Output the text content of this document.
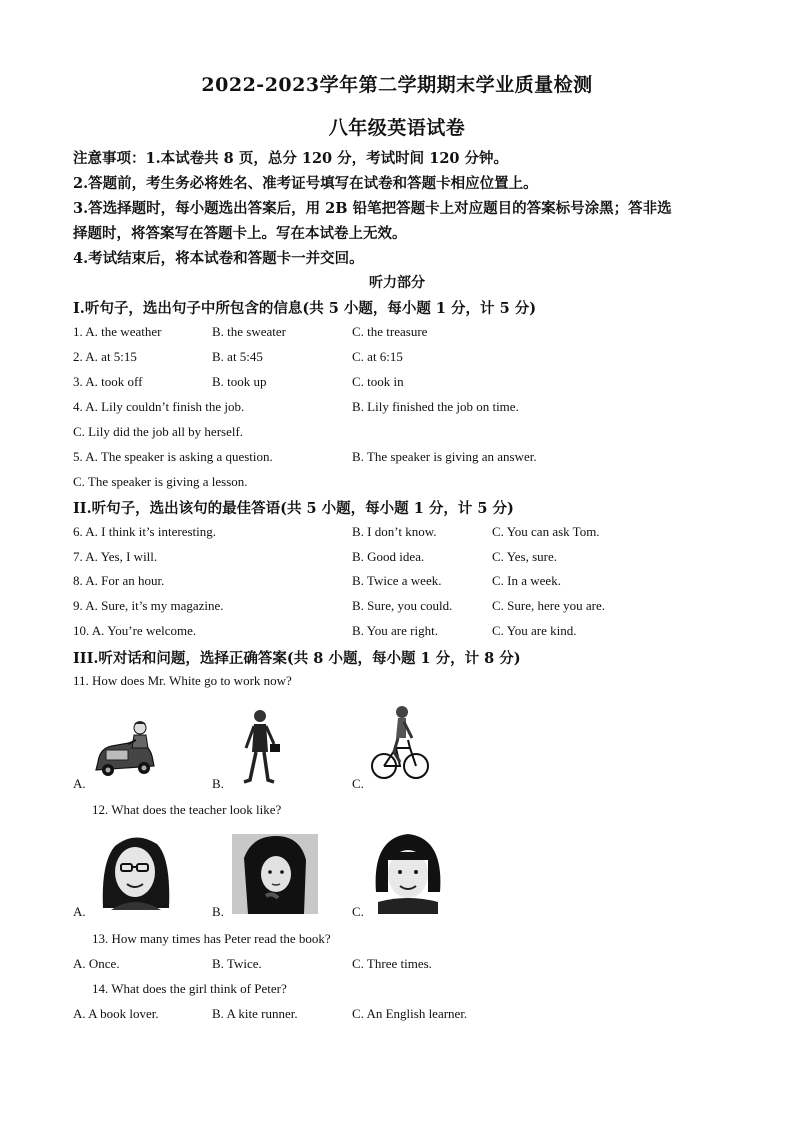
2022-2023学年第二学期期末学业质量检测
八年级英语试卷
注意事项：1.本试卷共 8 页，总分 120 分，考试时间 120 分钟。
2.答题前，考生务必将姓名、准考证号填写在试卷和答题卡相应位置上。
3.答选择题时，每小题选出答案后，用 2B 铅笔把答题卡上对应题目的答案标号涂黑；答非选
择题时，将答案写在答题卡上。写在本试卷上无效。
4.考试结束后，将本试卷和答题卡一并交回。
听力部分
I.听句子，选出句子中所包含的信息(共 5 小题，每小题 1 分，计 5 分)
1. A. the weather	B. the sweater	C. the treasure
2. A. at 5:15	B. at 5:45	C. at 6:15
3. A. took off	B. took up	C. took in
4. A. Lily couldn’t finish the job.	B. Lily finished the job on time.
C. Lily did the job all by herself.
5. A. The speaker is asking a question.	B. The speaker is giving an answer.
C. The speaker is giving a lesson.
II.听句子，选出该句的最佳答语(共 5 小题，每小题 1 分，计 5 分)
6. A. I think it’s interesting.	B. I don’t know.	C. You can ask Tom.
7. A. Yes, I will.	B. Good idea.	C. Yes, sure.
8. A. For an hour.	B. Twice a week.	C. In a week.
9. A. Sure, it’s my magazine.	B. Sure, you could.	C. Sure, here you are.
10. A. You’re welcome.	B. You are right.	C. You are kind.
III.听对话和问题，选择正确答案(共 8 小题，每小题 1 分，计 8 分)
11. How does Mr. White go to work now?
A.	B.	C.
12. What does the teacher look like?
A.	B.	C.
13. How many times has Peter read the book?
A. Once.	B. Twice.	C. Three times.
14. What does the girl think of Peter?
A. A book lover.	B. A kite runner.	C. An English learner.
